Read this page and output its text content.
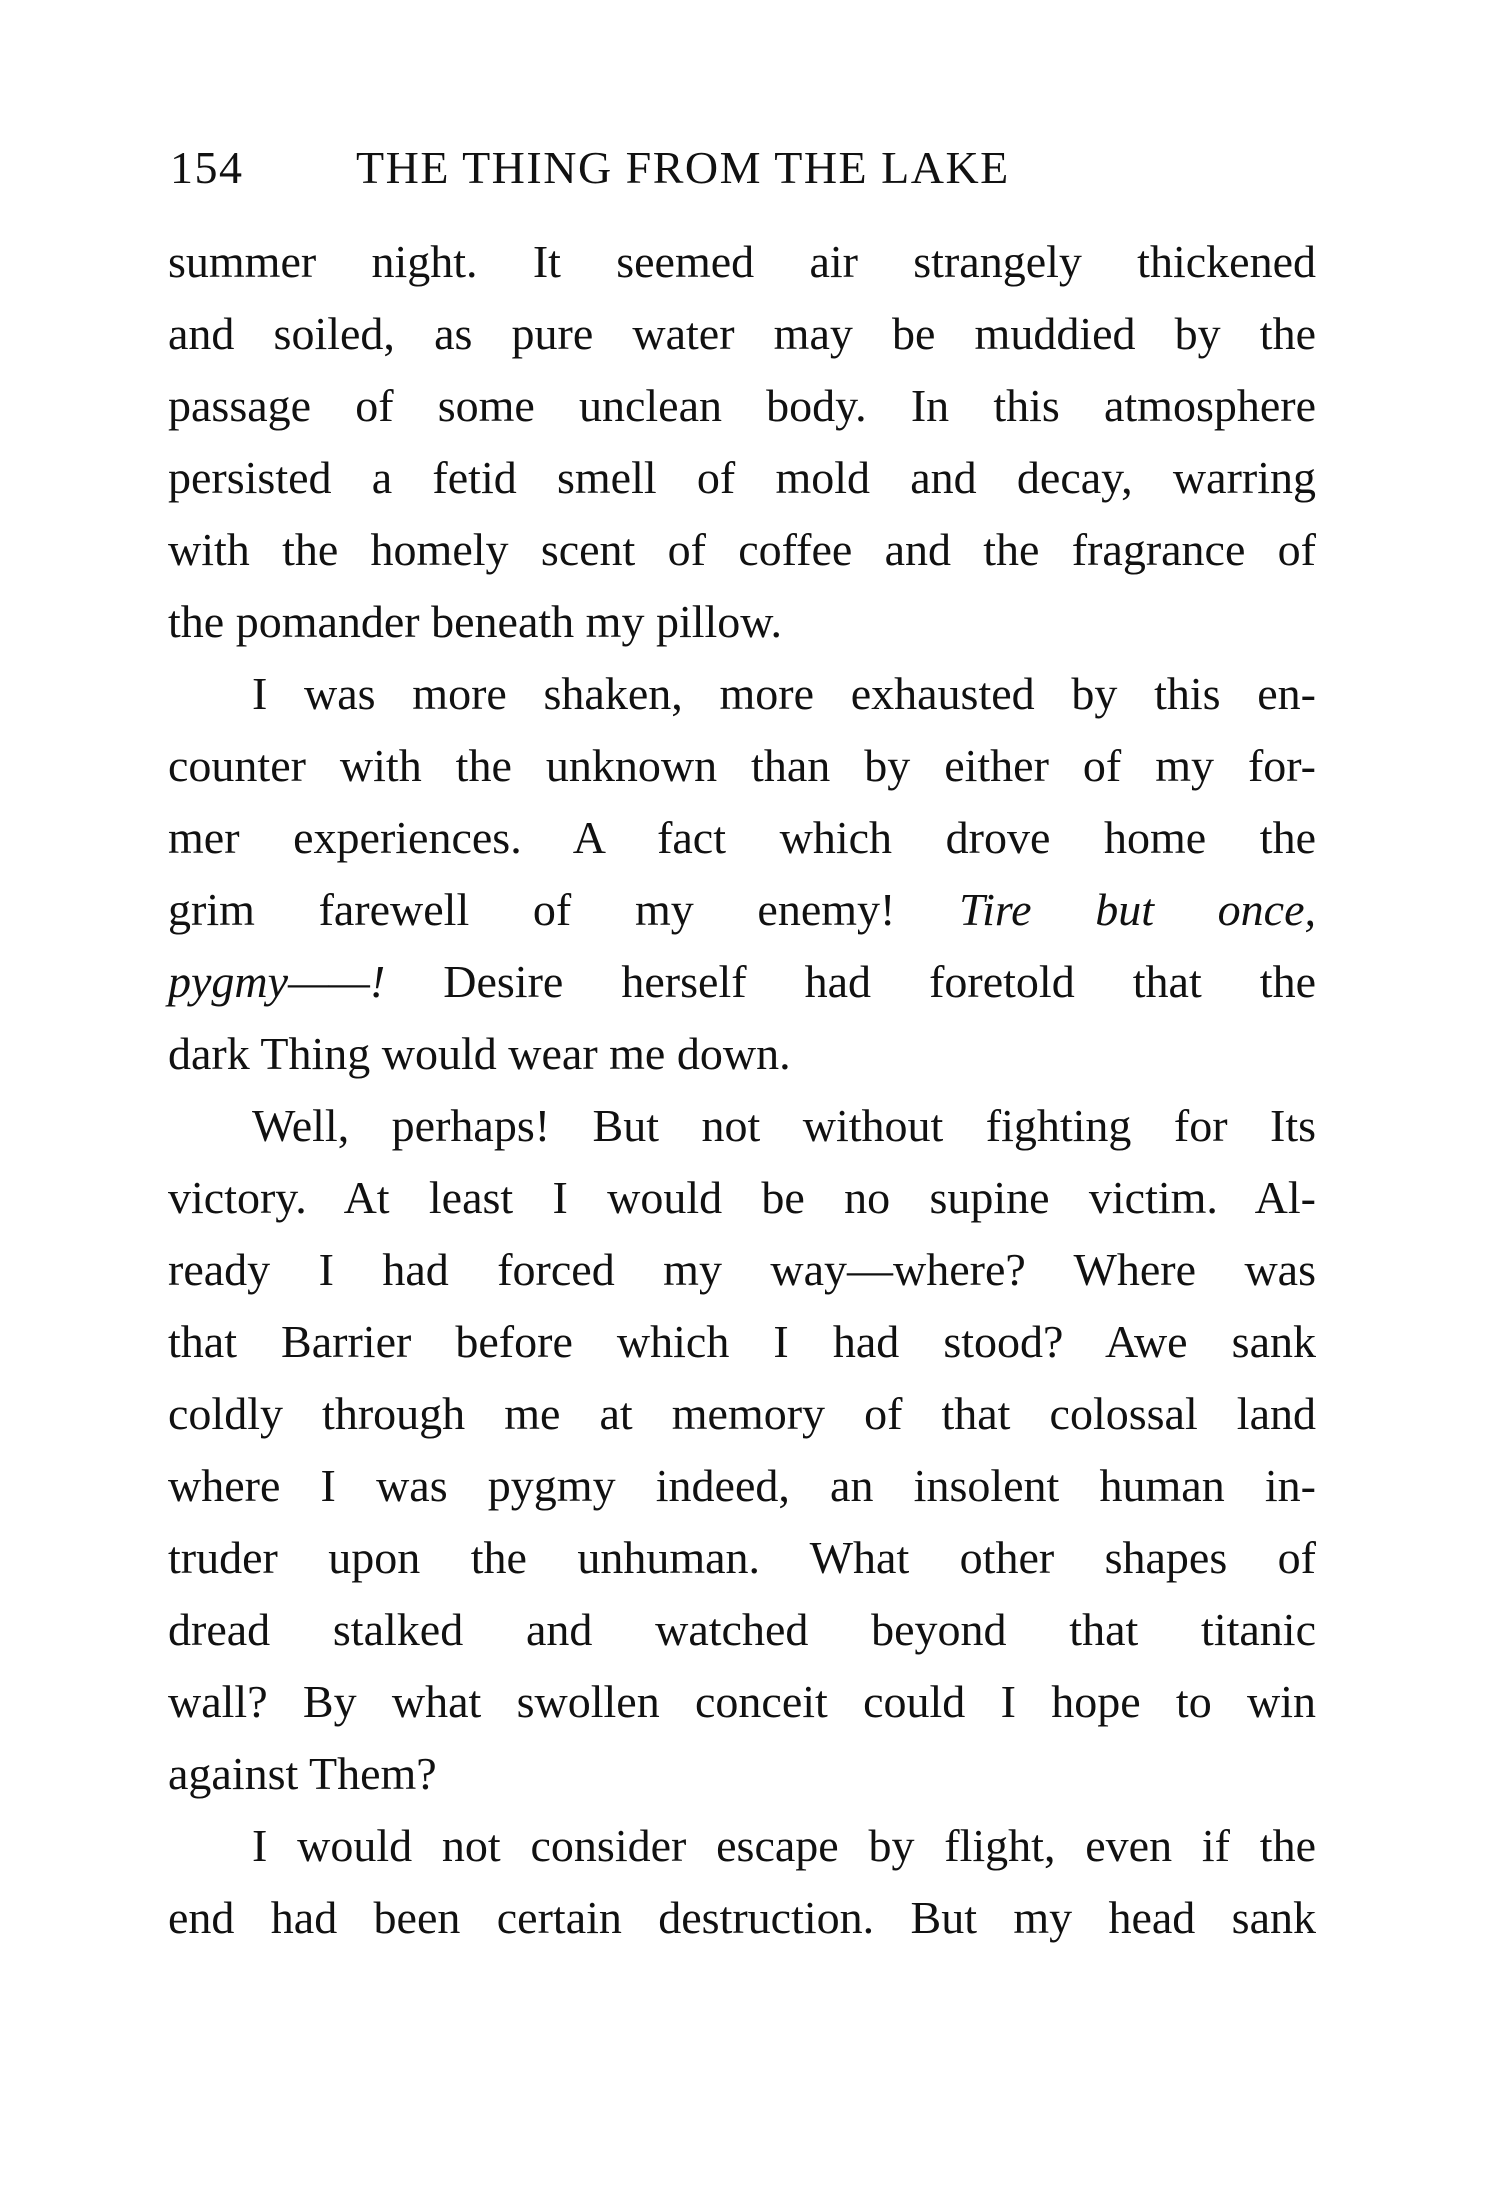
154 THE THING FROM THE LAKE
summer night. It seemed air strangely thickened
and soiled, as pure water may be muddied by the
passage of some unclean body. In this atmosphere
persisted a fetid smell of mold and decay, warring
with the homely scent of coffee and the fragrance of
the pomander beneath my pillow.
I was more shaken, more exhausted by this en-
counter with the unknown than by either of my for-
mer experiences. A fact which drove home the
grim farewell of my enemy! Tire but once,
pygmy——! Desire herself had foretold that the
dark Thing would wear me down.
Well, perhaps! But not without fighting for Its
victory. At least I would be no supine victim. Al-
ready I had forced my way—where? Where was
that Barrier before which I had stood? Awe sank
coldly through me at memory of that colossal land
where I was pygmy indeed, an insolent human in-
truder upon the unhuman. What other shapes of
dread stalked and watched beyond that titanic
wall? By what swollen conceit could I hope to win
against Them?
I would not consider escape by flight, even if the
end had been certain destruction. But my head sank
